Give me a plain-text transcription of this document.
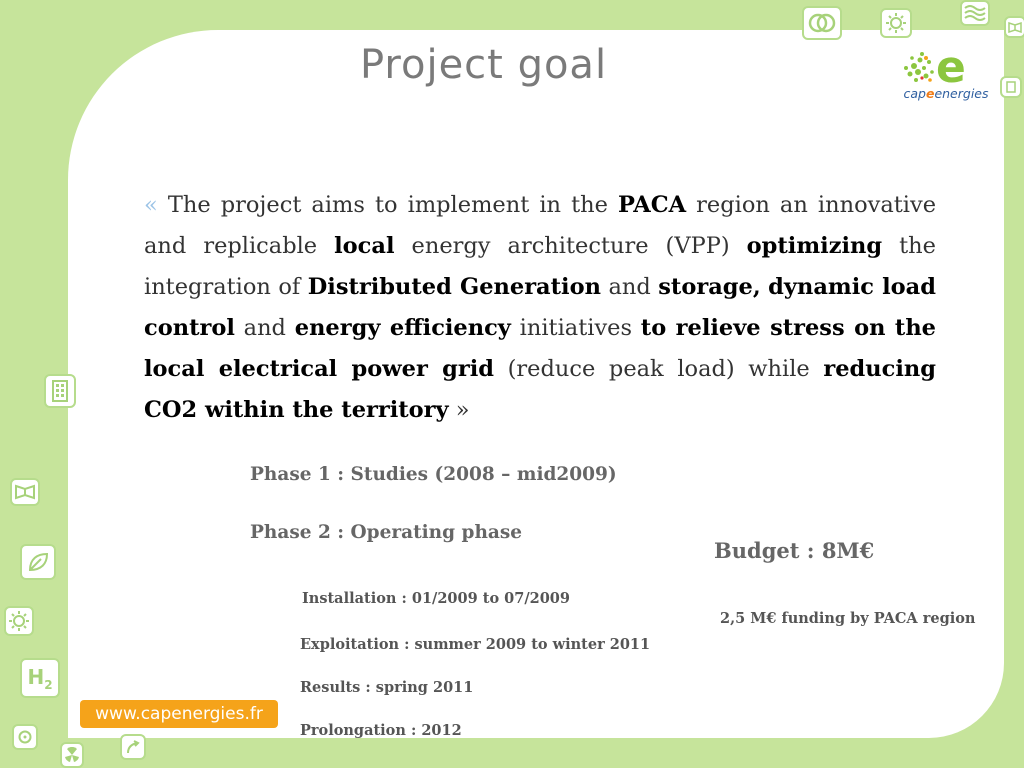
$H_2$
Project goal	e
capeenergies
« The project aims to implement in the PACA region an innovative and replicable local energy architecture (VPP) optimizing the integration of Distributed Generation and storage, dynamic load control and energy efficiency initiatives to relieve stress on the local electrical power grid (reduce peak load) while reducing CO2 within the territory »
Phase 1 : Studies (2008 – mid2009)
Phase 2 : Operating phase
Budget : 8M€
Installation : 01/2009 to 07/2009
2,5 M€ funding by PACA region
Exploitation : summer 2009 to winter 2011
Results : spring 2011
Prolongation : 2012
www.capenergies.fr
